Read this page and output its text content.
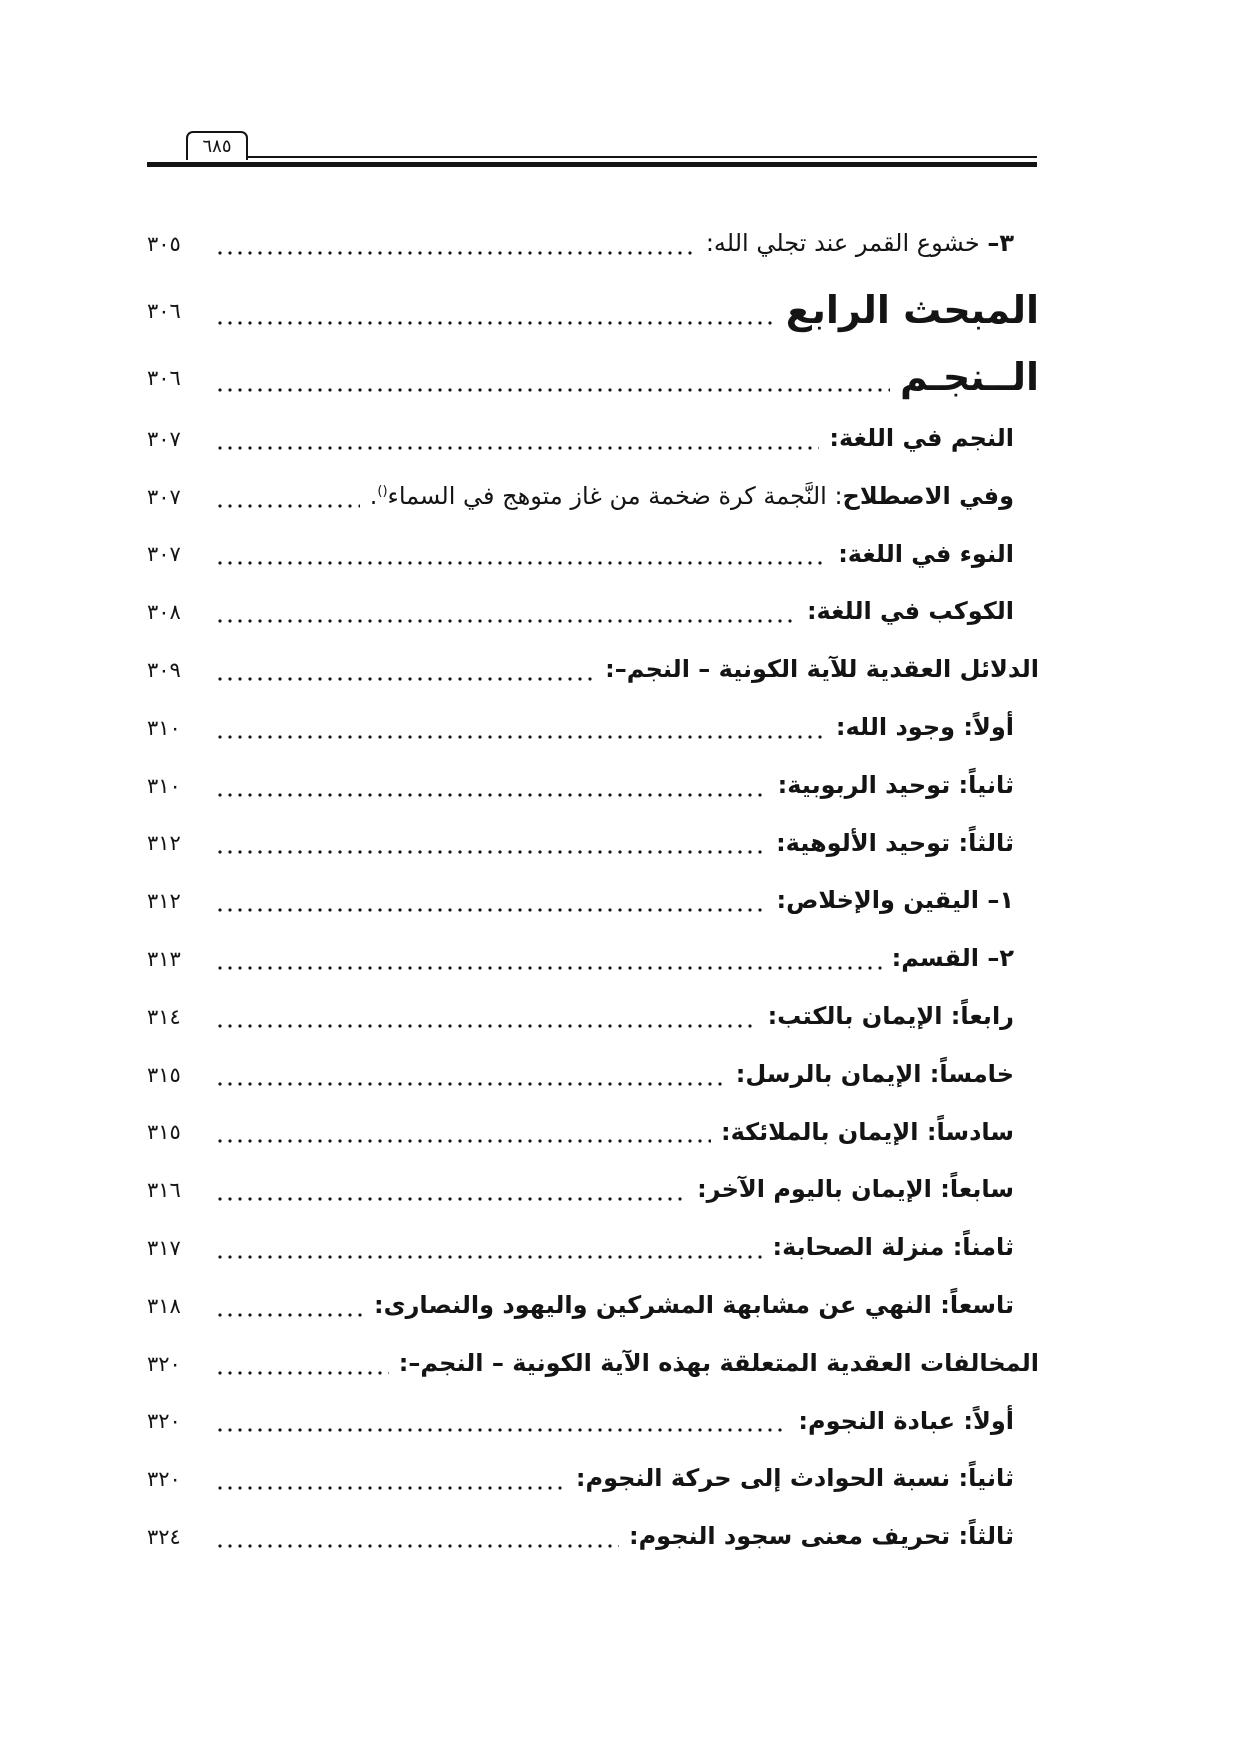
٦٨٥
٣– خشوع القمر عند تجلي الله:
٣٠٥
المبحث الرابع
٣٠٦
الــنجـم
٣٠٦
النجم في اللغة:
٣٠٧
وفي الاصطلاح: النَّجمة كرة ضخمة من غاز متوهج في السماء().
٣٠٧
النوء في اللغة:
٣٠٧
الكوكب في اللغة:
٣٠٨
الدلائل العقدية للآية الكونية – النجم–:
٣٠٩
أولاً: وجود الله:
٣١٠
ثانياً: توحيد الربوبية:
٣١٠
ثالثاً: توحيد الألوهية:
٣١٢
١– اليقين والإخلاص:
٣١٢
٢– القسم:
٣١٣
رابعاً: الإيمان بالكتب:
٣١٤
خامساً: الإيمان بالرسل:
٣١٥
سادساً: الإيمان بالملائكة:
٣١٥
سابعاً: الإيمان باليوم الآخر:
٣١٦
ثامناً: منزلة الصحابة:
٣١٧
تاسعاً: النهي عن مشابهة المشركين واليهود والنصارى:
٣١٨
المخالفات العقدية المتعلقة بهذه الآية الكونية – النجم–:
٣٢٠
أولاً: عبادة النجوم:
٣٢٠
ثانياً: نسبة الحوادث إلى حركة النجوم:
٣٢٠
ثالثاً: تحريف معنى سجود النجوم:
٣٢٤
